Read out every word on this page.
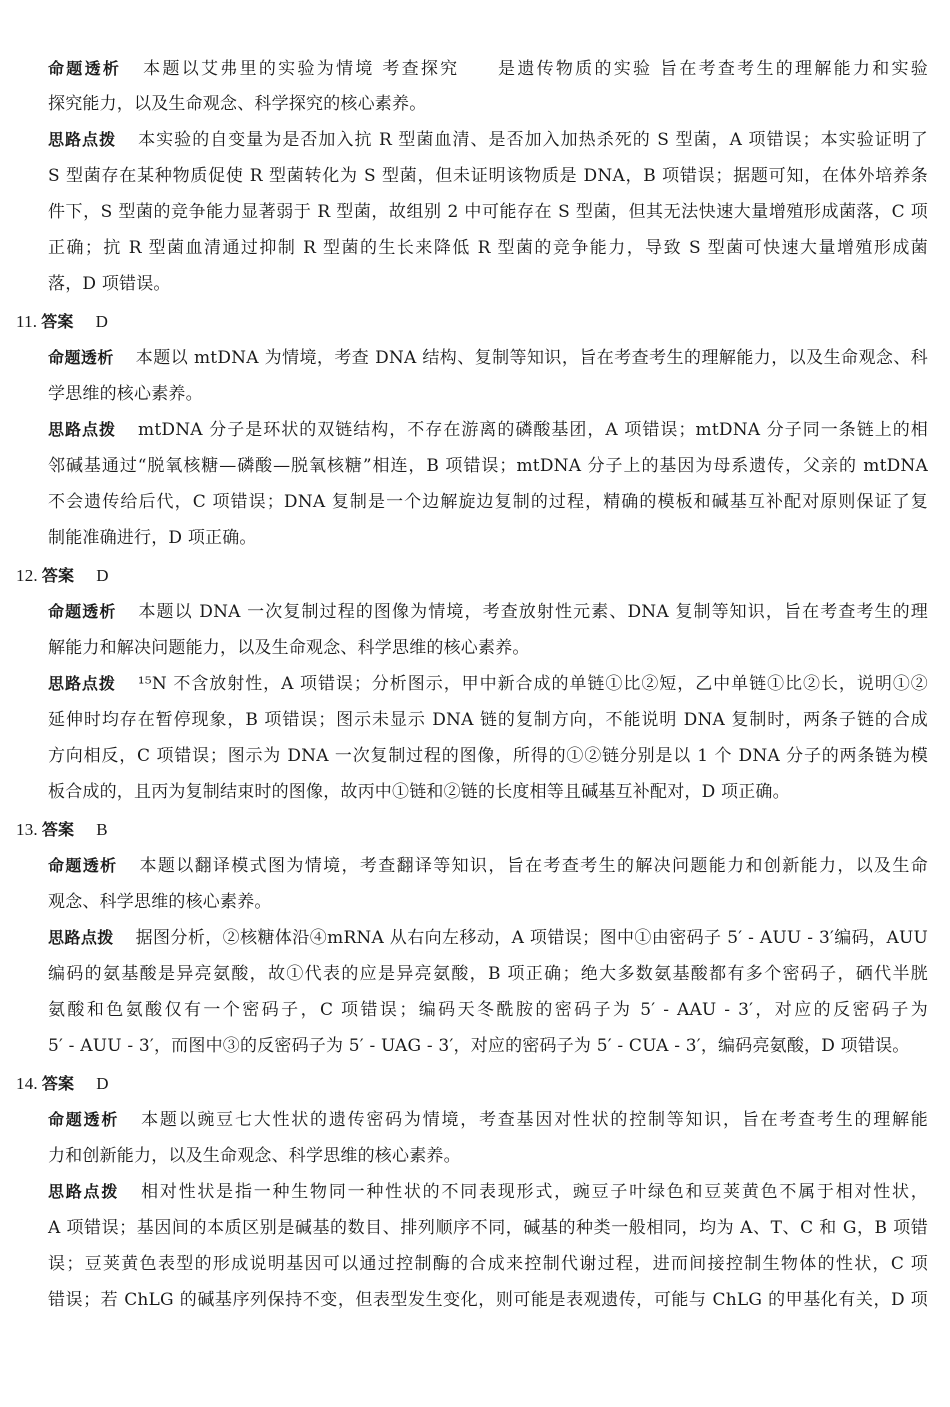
命题透析 本题以艾弗里的实验为情境 考查探究　　是遗传物质的实验 旨在考查考生的理解能力和实验
探究能力，以及生命观念、科学探究的核心素养。
思路点拨 本实验的自变量为是否加入抗 R 型菌血清、是否加入加热杀死的 S 型菌，A 项错误；本实验证明了
S 型菌存在某种物质促使 R 型菌转化为 S 型菌，但未证明该物质是 DNA，B 项错误；据题可知，在体外培养条
件下，S 型菌的竞争能力显著弱于 R 型菌，故组别 2 中可能存在 S 型菌，但其无法快速大量增殖形成菌落，C 项
正确；抗 R 型菌血清通过抑制 R 型菌的生长来降低 R 型菌的竞争能力，导致 S 型菌可快速大量增殖形成菌
落，D 项错误。
11. 答案 D
命题透析 本题以 mtDNA 为情境，考查 DNA 结构、复制等知识，旨在考查考生的理解能力，以及生命观念、科
学思维的核心素养。
思路点拨 mtDNA 分子是环状的双链结构，不存在游离的磷酸基团，A 项错误；mtDNA 分子同一条链上的相
邻碱基通过“脱氧核糖—磷酸—脱氧核糖”相连，B 项错误；mtDNA 分子上的基因为母系遗传，父亲的 mtDNA
不会遗传给后代，C 项错误；DNA 复制是一个边解旋边复制的过程，精确的模板和碱基互补配对原则保证了复
制能准确进行，D 项正确。
12. 答案 D
命题透析 本题以 DNA 一次复制过程的图像为情境，考查放射性元素、DNA 复制等知识，旨在考查考生的理
解能力和解决问题能力，以及生命观念、科学思维的核心素养。
思路点拨 ¹⁵N 不含放射性，A 项错误；分析图示，甲中新合成的单链①比②短，乙中单链①比②长，说明①②
延伸时均存在暂停现象，B 项错误；图示未显示 DNA 链的复制方向，不能说明 DNA 复制时，两条子链的合成
方向相反，C 项错误；图示为 DNA 一次复制过程的图像，所得的①②链分别是以 1 个 DNA 分子的两条链为模
板合成的，且丙为复制结束时的图像，故丙中①链和②链的长度相等且碱基互补配对，D 项正确。
13. 答案 B
命题透析 本题以翻译模式图为情境，考查翻译等知识，旨在考查考生的解决问题能力和创新能力，以及生命
观念、科学思维的核心素养。
思路点拨 据图分析，②核糖体沿④mRNA 从右向左移动，A 项错误；图中①由密码子 5′ - AUU - 3′编码，AUU
编码的氨基酸是异亮氨酸，故①代表的应是异亮氨酸，B 项正确；绝大多数氨基酸都有多个密码子，硒代半胱
氨酸和色氨酸仅有一个密码子，C 项错误；编码天冬酰胺的密码子为 5′ - AAU - 3′，对应的反密码子为
5′ - AUU - 3′，而图中③的反密码子为 5′ - UAG - 3′，对应的密码子为 5′ - CUA - 3′，编码亮氨酸，D 项错误。
14. 答案 D
命题透析 本题以豌豆七大性状的遗传密码为情境，考查基因对性状的控制等知识，旨在考查考生的理解能
力和创新能力，以及生命观念、科学思维的核心素养。
思路点拨 相对性状是指一种生物同一种性状的不同表现形式，豌豆子叶绿色和豆荚黄色不属于相对性状，
A 项错误；基因间的本质区别是碱基的数目、排列顺序不同，碱基的种类一般相同，均为 A、T、C 和 G，B 项错
误；豆荚黄色表型的形成说明基因可以通过控制酶的合成来控制代谢过程，进而间接控制生物体的性状，C 项
错误；若 ChLG 的碱基序列保持不变，但表型发生变化，则可能是表观遗传，可能与 ChLG 的甲基化有关，D 项
